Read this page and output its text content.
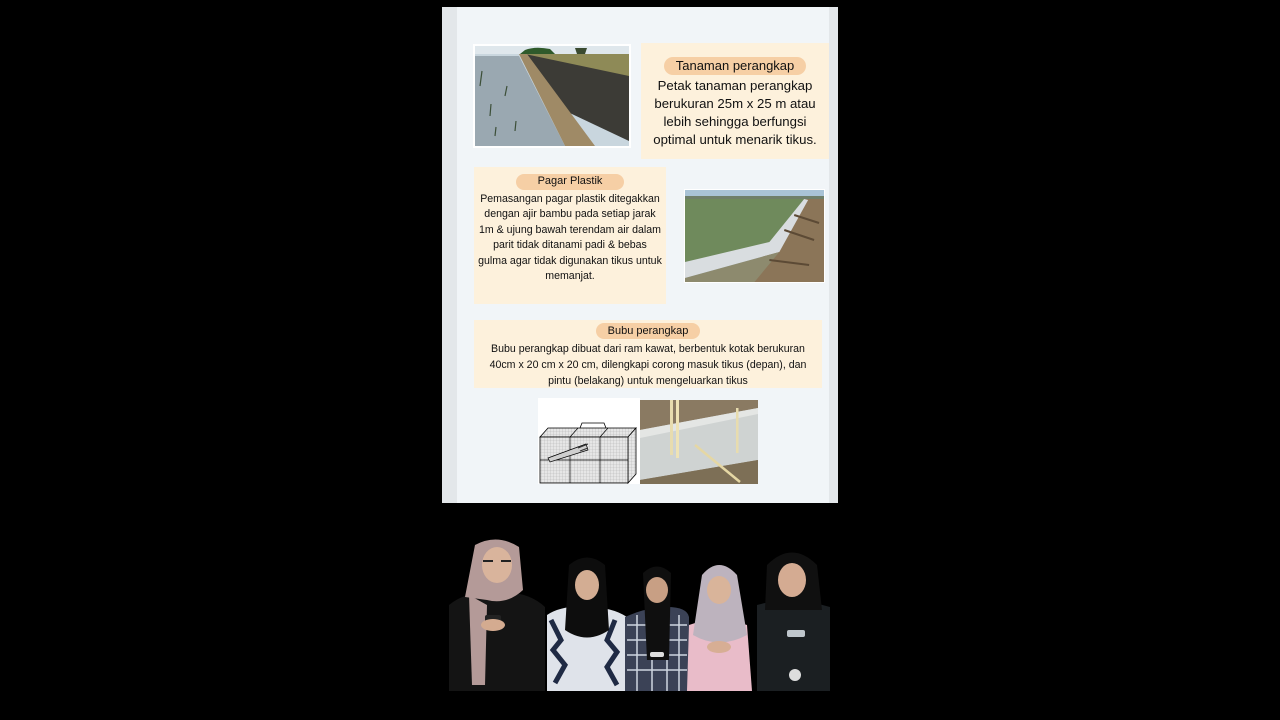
Tanaman perangkap
Petak tanaman perangkap berukuran 25m x 25 m atau lebih sehingga berfungsi optimal untuk menarik tikus.
Pagar Plastik
Pemasangan pagar plastik ditegakkan dengan ajir bambu pada setiap jarak 1m & ujung bawah terendam air dalam parit tidak ditanami padi & bebas gulma agar tidak digunakan tikus untuk memanjat.
Bubu perangkap
Bubu perangkap dibuat dari ram kawat, berbentuk kotak berukuran 40cm x 20 cm x 20 cm, dilengkapi corong masuk tikus (depan), dan pintu (belakang) untuk mengeluarkan tikus
